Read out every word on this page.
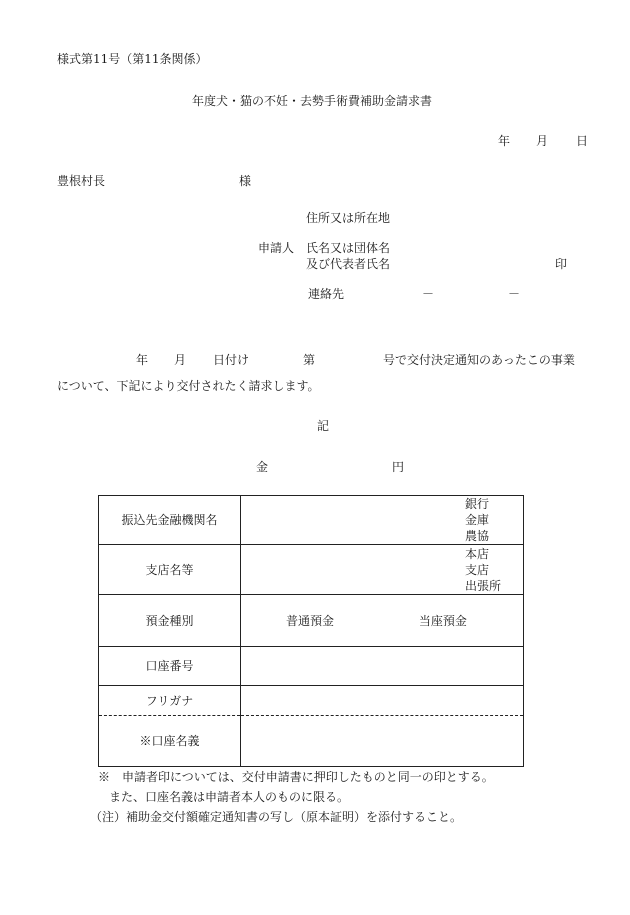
様式第11号（第11条関係）
年度犬・猫の不妊・去勢手術費補助金請求書
年 月 日
豊根村長	様
住所又は所在地
申請人 氏名又は団体名
及び代表者氏名	印
連絡先	－	－
年 月 日付け	第	号で交付決定通知のあったこの事業
について、下記により交付されたく請求します。
記
金	円
振込先金融機関名	銀行
金庫
農協

支店名等	本店
支店
出張所

預金種別	普通預金 当座預金
口座番号	
フリガナ	
※口座名義	
※　申請者印については、交付申請書に押印したものと同一の印とする。
また、口座名義は申請者本人のものに限る。
（注）補助金交付額確定通知書の写し（原本証明）を添付すること。
